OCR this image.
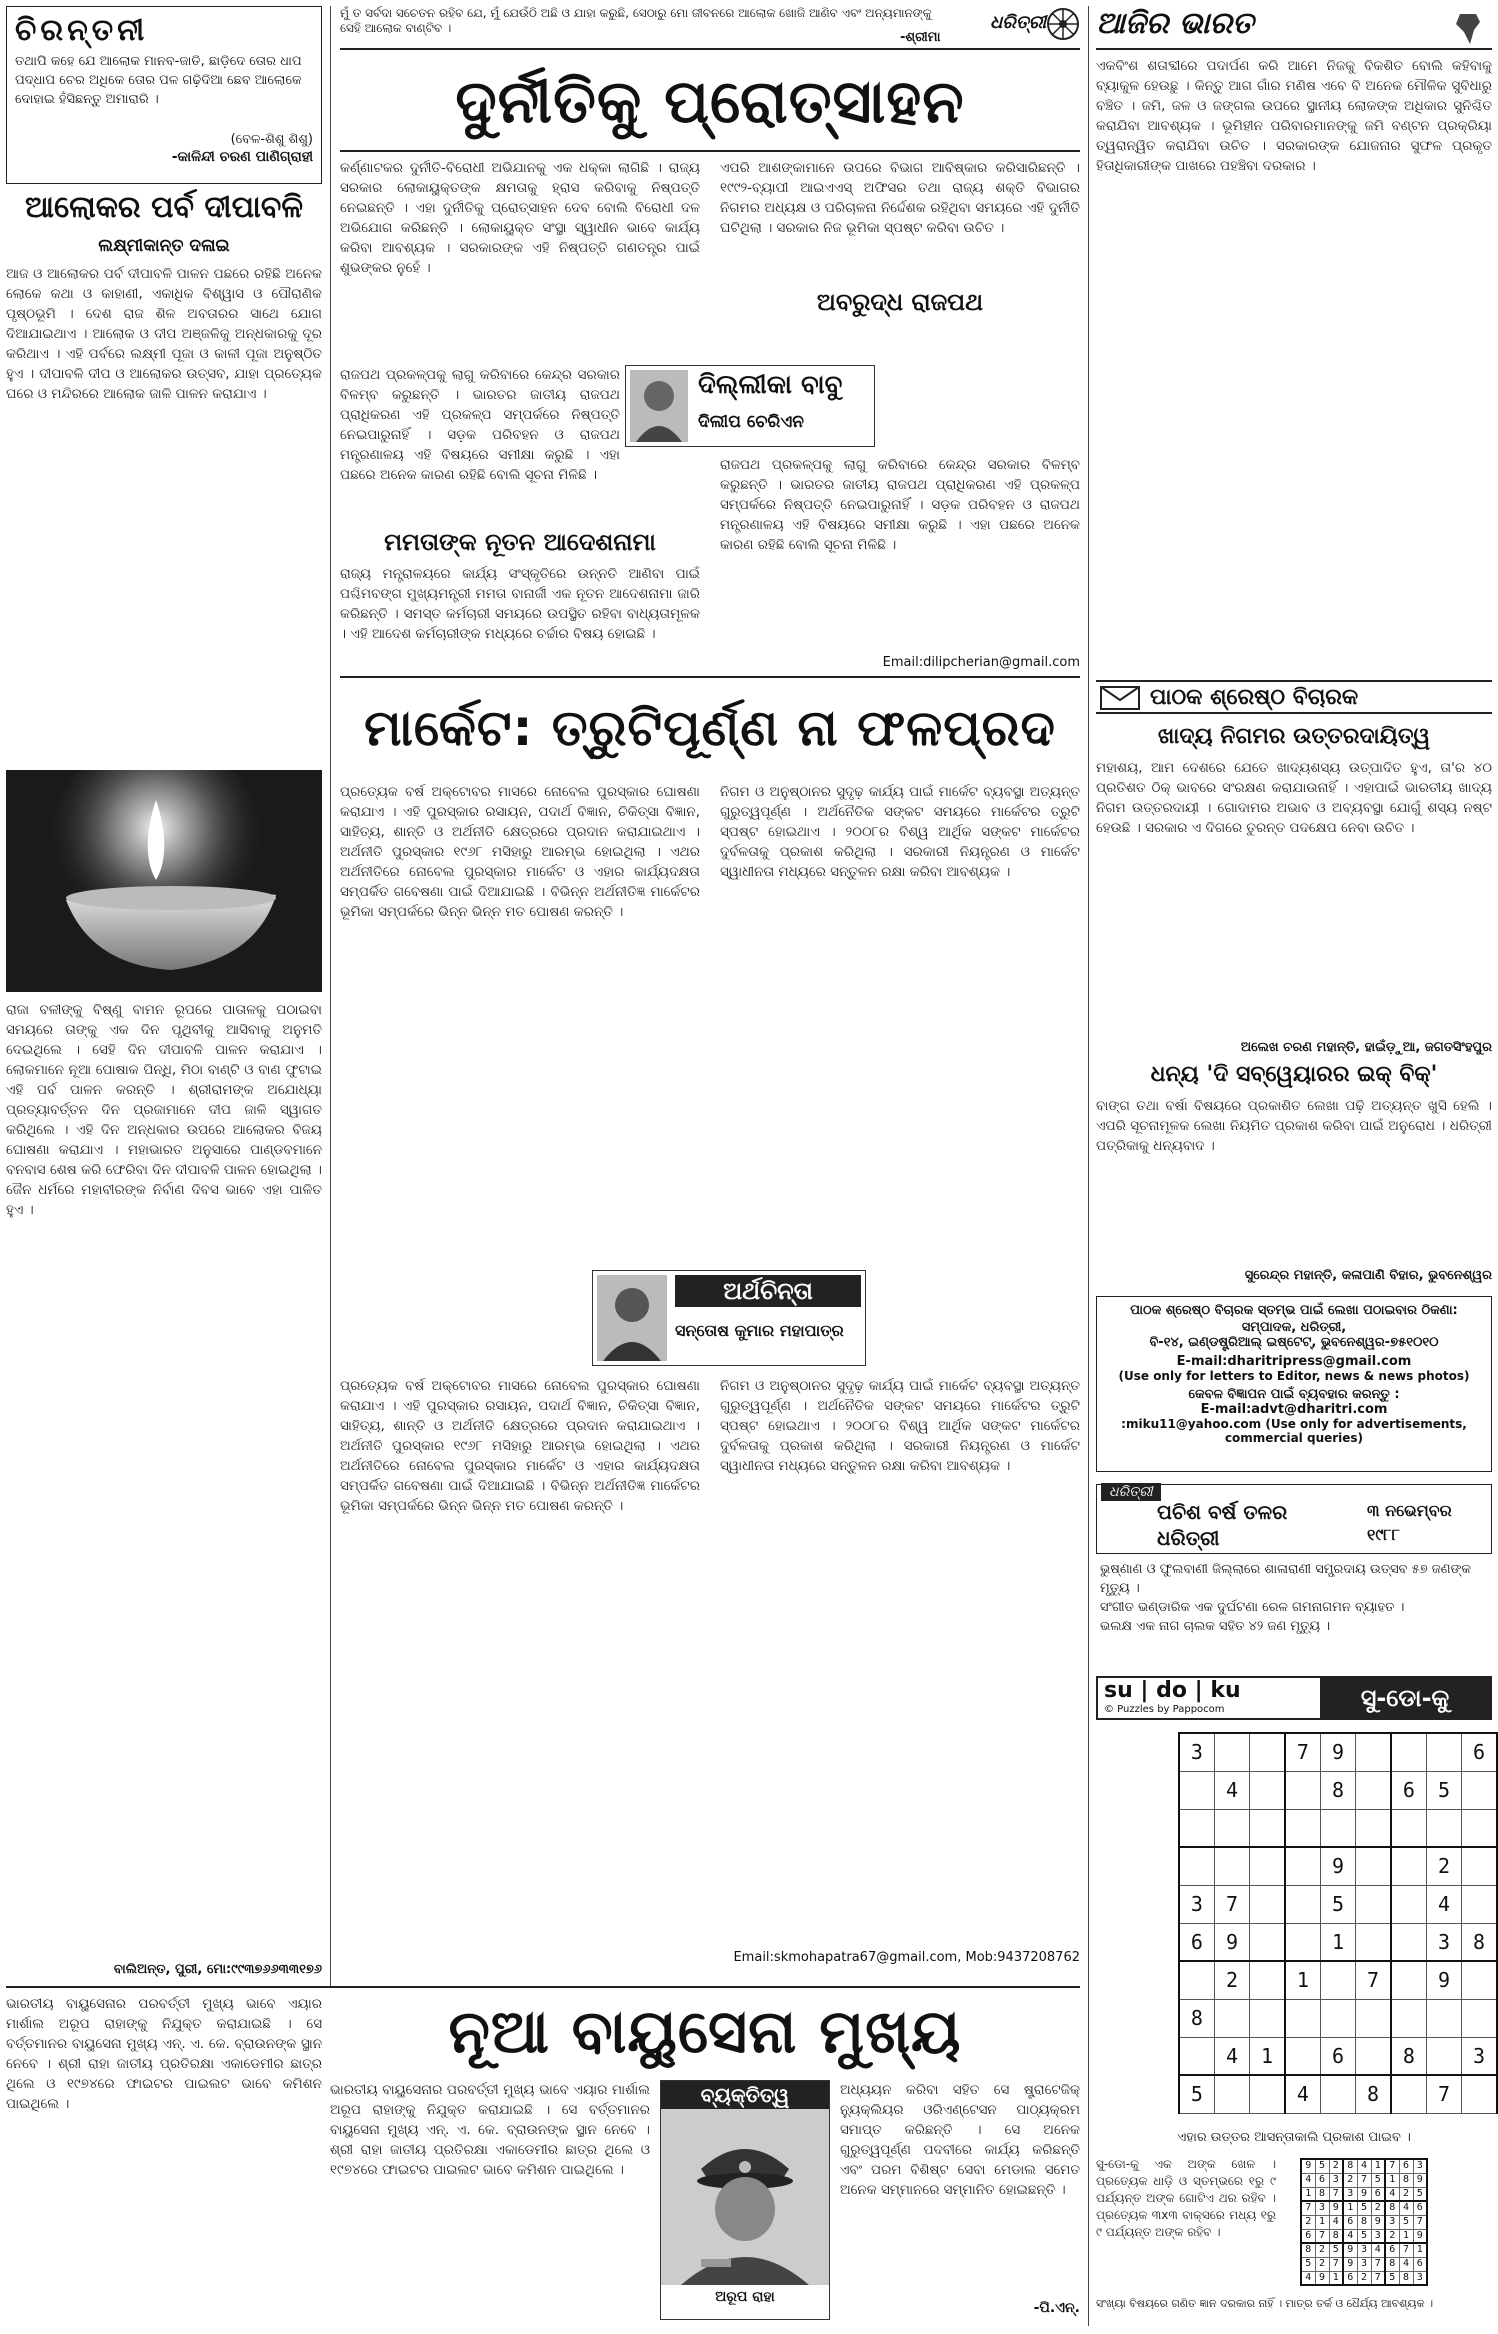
ଚିରନ୍ତନୀ
ତଥାପି କହେ ଯେ ଆଲୋକ ମାନବ-ଜାତି, ଛାଡ଼ିଦେ ତୋର ଧାପ ପଦ୍ଧାପ ଚେର ଅଧିକେ ତୋର ପଳ ଗଢ଼ିଦିଆ ଛେବ ଆଲୋକେ ଦୋହାଇ ହଁସିଛନ୍ତୁ ଅମାରାରି ।
(ବେଳ-ଶିଶୁ ଶିଶୁ)
-କାଳିନ୍ଦୀ ଚରଣ ପାଣିଗ୍ରାହୀ
ଆଲୋକର ପର୍ବ ଦୀପାବଳି
ଲକ୍ଷ୍ମୀକାନ୍ତ ଦଳାଇ
ଆଜ ଓ ଆଲୋକର ପର୍ବ ଦୀପାବଳି ପାଳନ ପଛରେ ରହିଛି ଅନେକ ଲୋକେ କଥା ଓ କାହାଣୀ, ଏକାଧିକ ବିଶ୍ୱାସ ଓ ପୌରାଣିକ ପୃଷ୍ଠଭୂମି । ଦେଶ ରାଜ ଶିଳ ଅବତାରର ସାଥେ ଯୋଗ ଦିଆଯାଇଥାଏ । ଆଲୋକ ଓ ଦୀପ ଅଞ୍ଜଳିକୁ ଅନ୍ଧକାରକୁ ଦୂର କରିଥାଏ । ଏହି ପର୍ବରେ ଲକ୍ଷ୍ମୀ ପୂଜା ଓ କାଳୀ ପୂଜା ଅନୁଷ୍ଠିତ ହୁଏ । ଦୀପାବଳି ଦୀପ ଓ ଆଲୋକର ଉତ୍ସବ, ଯାହା ପ୍ରତ୍ୟେକ ଘରେ ଓ ମନ୍ଦିରରେ ଆଲୋକ ଜାଳି ପାଳନ କରାଯାଏ ।
ରାଜା ବଳୀଙ୍କୁ ବିଷ୍ଣୁ ବାମନ ରୂପରେ ପାତାଳକୁ ପଠାଇବା ସମୟରେ ତାଙ୍କୁ ଏକ ଦିନ ପୃଥିବୀକୁ ଆସିବାକୁ ଅନୁମତି ଦେଇଥିଲେ । ସେହି ଦିନ ଦୀପାବଳି ପାଳନ କରାଯାଏ । ଲୋକମାନେ ନୂଆ ପୋଷାକ ପିନ୍ଧି, ମିଠା ବାଣ୍ଟି ଓ ବାଣ ଫୁଟାଇ ଏହି ପର୍ବ ପାଳନ କରନ୍ତି । ଶ୍ରୀରାମଙ୍କ ଅଯୋଧ୍ୟା ପ୍ରତ୍ୟାବର୍ତ୍ତନ ଦିନ ପ୍ରଜାମାନେ ଦୀପ ଜାଳି ସ୍ୱାଗତ କରିଥିଲେ । ଏହି ଦିନ ଅନ୍ଧକାର ଉପରେ ଆଲୋକର ବିଜୟ ଘୋଷଣା କରାଯାଏ । ମହାଭାରତ ଅନୁସାରେ ପାଣ୍ଡବମାନେ ବନବାସ ଶେଷ କରି ଫେରିବା ଦିନ ଦୀପାବଳି ପାଳନ ହୋଇଥିଲା । ଜୈନ ଧର୍ମରେ ମହାବୀରଙ୍କ ନିର୍ବାଣ ଦିବସ ଭାବେ ଏହା ପାଳିତ ହୁଏ ।
ବାଲିଅନ୍ତ, ପୁରୀ, ମୋ:୯୯୩୭୬୬୩୩୧୭୬
ମୁଁ ତ ସର୍ବଦା ସଚେତନ ରହିବ ଯେ, ମୁଁ ଯେଉଁଠି ଅଛି ଓ ଯାହା କରୁଛି, ସେଠାରୁ ମୋ ଜୀବନରେ ଆଲୋକ ଖୋଜି ଆଣିବ ଏବଂ ଅନ୍ୟମାନଙ୍କୁ ସେହି ଆଲୋକ ବାଣ୍ଟିବ ।
-ଶ୍ରୀମା
ଧରିତ୍ରୀ
ଦୁର୍ନୀତିକୁ ପ୍ରୋତ୍ସାହନ
କର୍ଣ୍ଣାଟକର ଦୁର୍ନୀତି-ବିରୋଧୀ ଅଭିଯାନକୁ ଏକ ଧକ୍କା ଲାଗିଛି । ରାଜ୍ୟ ସରକାର ଲୋକାୟୁକ୍ତଙ୍କ କ୍ଷମତାକୁ ହ୍ରାସ କରିବାକୁ ନିଷ୍ପତ୍ତି ନେଇଛନ୍ତି । ଏହା ଦୁର୍ନୀତିକୁ ପ୍ରୋତ୍ସାହନ ଦେବ ବୋଲି ବିରୋଧୀ ଦଳ ଅଭିଯୋଗ କରିଛନ୍ତି । ଲୋକାୟୁକ୍ତ ସଂସ୍ଥା ସ୍ୱାଧୀନ ଭାବେ କାର୍ଯ୍ୟ କରିବା ଆବଶ୍ୟକ । ସରକାରଙ୍କ ଏହି ନିଷ୍ପତ୍ତି ଗଣତନ୍ତ୍ର ପାଇଁ ଶୁଭଙ୍କର ନୁହେଁ ।
ଏପରି ଆଶଙ୍କାମାନେ ଉପରେ ବିଭାଗ ଆବିଷ୍କାର କରିସାରିଛନ୍ତି । ୧୯୯୨-ବ୍ୟାପୀ ଆଇଏଏସ୍ ଅଫିସର ତଥା ରାଜ୍ୟ ଶକ୍ତି ବିଭାଗର ନିଗମର ଅଧ୍ୟକ୍ଷ ଓ ପରିଚାଳନା ନିର୍ଦ୍ଦେଶକ ରହିଥିବା ସମୟରେ ଏହି ଦୁର୍ନୀତି ଘଟିଥିଲା । ସରକାର ନିଜ ଭୂମିକା ସ୍ପଷ୍ଟ କରିବା ଉଚିତ ।
ଅବରୁଦ୍ଧ ରାଜପଥ
ଦିଲ୍ଲୀକା ବାବୁ
ଦିଲୀପ ଚେରିଏନ
ରାଜପଥ ପ୍ରକଳ୍ପକୁ ଲାଗୁ କରିବାରେ କେନ୍ଦ୍ର ସରକାର ବିଳମ୍ବ କରୁଛନ୍ତି । ଭାରତର ଜାତୀୟ ରାଜପଥ ପ୍ରାଧିକରଣ ଏହି ପ୍ରକଳ୍ପ ସମ୍ପର୍କରେ ନିଷ୍ପତ୍ତି ନେଇପାରୁନାହିଁ । ସଡ଼କ ପରିବହନ ଓ ରାଜପଥ ମନ୍ତ୍ରଣାଳୟ ଏହି ବିଷୟରେ ସମୀକ୍ଷା କରୁଛି । ଏହା ପଛରେ ଅନେକ କାରଣ ରହିଛି ବୋଲି ସୂଚନା ମିଳିଛି ।
ମମତାଙ୍କ ନୂତନ ଆଦେଶନାମା
ରାଜ୍ୟ ମନ୍ତ୍ରାଳୟରେ କାର୍ଯ୍ୟ ସଂସ୍କୃତିରେ ଉନ୍ନତି ଆଣିବା ପାଇଁ ପଶ୍ଚିମବଙ୍ଗ ମୁଖ୍ୟମନ୍ତ୍ରୀ ମମତା ବାନାର୍ଜୀ ଏକ ନୂତନ ଆଦେଶନାମା ଜାରି କରିଛନ୍ତି । ସମସ୍ତ କର୍ମଚାରୀ ସମୟରେ ଉପସ୍ଥିତ ରହିବା ବାଧ୍ୟତାମୂଳକ । ଏହି ଆଦେଶ କର୍ମଚାରୀଙ୍କ ମଧ୍ୟରେ ଚର୍ଚ୍ଚାର ବିଷୟ ହୋଇଛି ।
ରାଜପଥ ପ୍ରକଳ୍ପକୁ ଲାଗୁ କରିବାରେ କେନ୍ଦ୍ର ସରକାର ବିଳମ୍ବ କରୁଛନ୍ତି । ଭାରତର ଜାତୀୟ ରାଜପଥ ପ୍ରାଧିକରଣ ଏହି ପ୍ରକଳ୍ପ ସମ୍ପର୍କରେ ନିଷ୍ପତ୍ତି ନେଇପାରୁନାହିଁ । ସଡ଼କ ପରିବହନ ଓ ରାଜପଥ ମନ୍ତ୍ରଣାଳୟ ଏହି ବିଷୟରେ ସମୀକ୍ଷା କରୁଛି । ଏହା ପଛରେ ଅନେକ କାରଣ ରହିଛି ବୋଲି ସୂଚନା ମିଳିଛି ।
Email:dilipcherian@gmail.com
ମାର୍କେଟ: ତ୍ରୁଟିପୂର୍ଣ୍ଣ ନା ଫଳପ୍ରଦ
ପ୍ରତ୍ୟେକ ବର୍ଷ ଅକ୍ଟୋବର ମାସରେ ନୋବେଲ ପୁରସ୍କାର ଘୋଷଣା କରାଯାଏ । ଏହି ପୁରସ୍କାର ରସାୟନ, ପଦାର୍ଥ ବିଜ୍ଞାନ, ଚିକିତ୍ସା ବିଜ୍ଞାନ, ସାହିତ୍ୟ, ଶାନ୍ତି ଓ ଅର୍ଥନୀତି କ୍ଷେତ୍ରରେ ପ୍ରଦାନ କରାଯାଇଥାଏ । ଅର୍ଥନୀତି ପୁରସ୍କାର ୧୯୬୮ ମସିହାରୁ ଆରମ୍ଭ ହୋଇଥିଲା । ଏଥର ଅର୍ଥନୀତିରେ ନୋବେଲ ପୁରସ୍କାର ମାର୍କେଟ ଓ ଏହାର କାର୍ଯ୍ୟଦକ୍ଷତା ସମ୍ପର୍କିତ ଗବେଷଣା ପାଇଁ ଦିଆଯାଇଛି । ବିଭିନ୍ନ ଅର୍ଥନୀତିଜ୍ଞ ମାର୍କେଟର ଭୂମିକା ସମ୍ପର୍କରେ ଭିନ୍ନ ଭିନ୍ନ ମତ ପୋଷଣ କରନ୍ତି ।
ନିଗମ ଓ ଅନୁଷ୍ଠାନର ସୁଦୃଢ଼ କାର୍ଯ୍ୟ ପାଇଁ ମାର୍କେଟ ବ୍ୟବସ୍ଥା ଅତ୍ୟନ୍ତ ଗୁରୁତ୍ୱପୂର୍ଣ୍ଣ । ଅର୍ଥନୈତିକ ସଙ୍କଟ ସମୟରେ ମାର୍କେଟର ତ୍ରୁଟି ସ୍ପଷ୍ଟ ହୋଇଥାଏ । ୨୦୦୮ର ବିଶ୍ୱ ଆର୍ଥିକ ସଙ୍କଟ ମାର୍କେଟର ଦୁର୍ବଳତାକୁ ପ୍ରକାଶ କରିଥିଲା । ସରକାରୀ ନିୟନ୍ତ୍ରଣ ଓ ମାର୍କେଟ ସ୍ୱାଧୀନତା ମଧ୍ୟରେ ସନ୍ତୁଳନ ରକ୍ଷା କରିବା ଆବଶ୍ୟକ ।
ଅର୍ଥଚିନ୍ତା
ସନ୍ତୋଷ କୁମାର ମହାପାତ୍ର
ପ୍ରତ୍ୟେକ ବର୍ଷ ଅକ୍ଟୋବର ମାସରେ ନୋବେଲ ପୁରସ୍କାର ଘୋଷଣା କରାଯାଏ । ଏହି ପୁରସ୍କାର ରସାୟନ, ପଦାର୍ଥ ବିଜ୍ଞାନ, ଚିକିତ୍ସା ବିଜ୍ଞାନ, ସାହିତ୍ୟ, ଶାନ୍ତି ଓ ଅର୍ଥନୀତି କ୍ଷେତ୍ରରେ ପ୍ରଦାନ କରାଯାଇଥାଏ । ଅର୍ଥନୀତି ପୁରସ୍କାର ୧୯୬୮ ମସିହାରୁ ଆରମ୍ଭ ହୋଇଥିଲା । ଏଥର ଅର୍ଥନୀତିରେ ନୋବେଲ ପୁରସ୍କାର ମାର୍କେଟ ଓ ଏହାର କାର୍ଯ୍ୟଦକ୍ଷତା ସମ୍ପର୍କିତ ଗବେଷଣା ପାଇଁ ଦିଆଯାଇଛି । ବିଭିନ୍ନ ଅର୍ଥନୀତିଜ୍ଞ ମାର୍କେଟର ଭୂମିକା ସମ୍ପର୍କରେ ଭିନ୍ନ ଭିନ୍ନ ମତ ପୋଷଣ କରନ୍ତି ।
ନିଗମ ଓ ଅନୁଷ୍ଠାନର ସୁଦୃଢ଼ କାର୍ଯ୍ୟ ପାଇଁ ମାର୍କେଟ ବ୍ୟବସ୍ଥା ଅତ୍ୟନ୍ତ ଗୁରୁତ୍ୱପୂର୍ଣ୍ଣ । ଅର୍ଥନୈତିକ ସଙ୍କଟ ସମୟରେ ମାର୍କେଟର ତ୍ରୁଟି ସ୍ପଷ୍ଟ ହୋଇଥାଏ । ୨୦୦୮ର ବିଶ୍ୱ ଆର୍ଥିକ ସଙ୍କଟ ମାର୍କେଟର ଦୁର୍ବଳତାକୁ ପ୍ରକାଶ କରିଥିଲା । ସରକାରୀ ନିୟନ୍ତ୍ରଣ ଓ ମାର୍କେଟ ସ୍ୱାଧୀନତା ମଧ୍ୟରେ ସନ୍ତୁଳନ ରକ୍ଷା କରିବା ଆବଶ୍ୟକ ।
Email:skmohapatra67@gmail.com, Mob:9437208762
ନୂଆ ବାୟୁସେନା ମୁଖ୍ୟ
ଭାରତୀୟ ବାୟୁସେନାର ପରବର୍ତ୍ତୀ ମୁଖ୍ୟ ଭାବେ ଏୟାର ମାର୍ଶାଲ ଅରୂପ ରାହାଙ୍କୁ ନିଯୁକ୍ତ କରାଯାଇଛି । ସେ ବର୍ତ୍ତମାନର ବାୟୁସେନା ମୁଖ୍ୟ ଏନ୍. ଏ. କେ. ବ୍ରାଉନଙ୍କ ସ୍ଥାନ ନେବେ । ଶ୍ରୀ ରାହା ଜାତୀୟ ପ୍ରତିରକ୍ଷା ଏକାଡେମୀର ଛାତ୍ର ଥିଲେ ଓ ୧୯୭୪ରେ ଫାଇଟର ପାଇଲଟ ଭାବେ କମିଶନ ପାଇଥିଲେ ।
ଭାରତୀୟ ବାୟୁସେନାର ପରବର୍ତ୍ତୀ ମୁଖ୍ୟ ଭାବେ ଏୟାର ମାର୍ଶାଲ ଅରୂପ ରାହାଙ୍କୁ ନିଯୁକ୍ତ କରାଯାଇଛି । ସେ ବର୍ତ୍ତମାନର ବାୟୁସେନା ମୁଖ୍ୟ ଏନ୍. ଏ. କେ. ବ୍ରାଉନଙ୍କ ସ୍ଥାନ ନେବେ । ଶ୍ରୀ ରାହା ଜାତୀୟ ପ୍ରତିରକ୍ଷା ଏକାଡେମୀର ଛାତ୍ର ଥିଲେ ଓ ୧୯୭୪ରେ ଫାଇଟର ପାଇଲଟ ଭାବେ କମିଶନ ପାଇଥିଲେ ।
ବ୍ୟକ୍ତିତ୍ୱ
ଅରୂପ ରାହା
ଅଧ୍ୟୟନ କରିବା ସହିତ ସେ ଷ୍ଟ୍ରାଟେଜିକ୍ ନ୍ୟୁକ୍ଲିୟର ଓରିଏଣ୍ଟେସନ ପାଠ୍ୟକ୍ରମ ସମାପ୍ତ କରିଛନ୍ତି । ସେ ଅନେକ ଗୁରୁତ୍ୱପୂର୍ଣ୍ଣ ପଦବୀରେ କାର୍ଯ୍ୟ କରିଛନ୍ତି ଏବଂ ପରମ ବିଶିଷ୍ଟ ସେବା ମେଡାଲ ସମେତ ଅନେକ ସମ୍ମାନରେ ସମ୍ମାନିତ ହୋଇଛନ୍ତି ।
-ପି.ଏନ୍.
ଆଜିର ଭାରତ
ଏକବିଂଶ ଶତାବ୍ଦୀରେ ପଦାର୍ପଣ କରି ଆମେ ନିଜକୁ ବିକଶିତ ବୋଲି କହିବାକୁ ବ୍ୟାକୁଳ ହେଉଛୁ । କିନ୍ତୁ ଆଗ ଗାଁର ମଣିଷ ଏବେ ବି ଅନେକ ମୌଳିକ ସୁବିଧାରୁ ବଞ୍ଚିତ । ଜମି, ଜଳ ଓ ଜଙ୍ଗଲ ଉପରେ ସ୍ଥାନୀୟ ଲୋକଙ୍କ ଅଧିକାର ସୁନିଶ୍ଚିତ କରାଯିବା ଆବଶ୍ୟକ । ଭୂମିହୀନ ପରିବାରମାନଙ୍କୁ ଜମି ବଣ୍ଟନ ପ୍ରକ୍ରିୟା ତ୍ୱରାନ୍ୱିତ କରାଯିବା ଉଚିତ । ସରକାରଙ୍କ ଯୋଜନାର ସୁଫଳ ପ୍ରକୃତ ହିତାଧିକାରୀଙ୍କ ପାଖରେ ପହଞ୍ଚିବା ଦରକାର ।
ପାଠକ ଶ୍ରେଷ୍ଠ ବିଚାରକ
ଖାଦ୍ୟ ନିଗମର ଉତ୍ତରଦାୟିତ୍ୱ
ମହାଶୟ, ଆମ ଦେଶରେ ଯେତେ ଖାଦ୍ୟଶସ୍ୟ ଉତ୍ପାଦିତ ହୁଏ, ତା'ର ୪୦ ପ୍ରତିଶତ ଠିକ୍ ଭାବରେ ସଂରକ୍ଷଣ କରାଯାଉନାହିଁ । ଏହାପାଇଁ ଭାରତୀୟ ଖାଦ୍ୟ ନିଗମ ଉତ୍ତରଦାୟୀ । ଗୋଦାମର ଅଭାବ ଓ ଅବ୍ୟବସ୍ଥା ଯୋଗୁଁ ଶସ୍ୟ ନଷ୍ଟ ହେଉଛି । ସରକାର ଏ ଦିଗରେ ତୁରନ୍ତ ପଦକ୍ଷେପ ନେବା ଉଚିତ ।
ଅଲେଖ ଚରଣ ମହାନ୍ତି, ହାଇଁଡ଼ୁଆ, ଜଗତସିଂହପୁର
ଧନ୍ୟ 'ଦି ସବ୍ୱେୟାରର ଇକ୍ ବିକ୍'
ବାଙ୍ଗ ତଥା ବର୍ଷା ବିଷୟରେ ପ୍ରକାଶିତ ଲେଖା ପଢ଼ି ଅତ୍ୟନ୍ତ ଖୁସି ହେଲି । ଏପରି ସୂଚନାମୂଳକ ଲେଖା ନିୟମିତ ପ୍ରକାଶ କରିବା ପାଇଁ ଅନୁରୋଧ । ଧରିତ୍ରୀ ପତ୍ରିକାକୁ ଧନ୍ୟବାଦ ।
ସୁରେନ୍ଦ୍ର ମହାନ୍ତି, କଳାପାଣି ବିହାର, ଭୁବନେଶ୍ୱର
ପାଠକ ଶ୍ରେଷ୍ଠ ବିଚାରକ ସ୍ତମ୍ଭ ପାଇଁ ଲେଖା ପଠାଇବାର ଠିକଣା:
ସମ୍ପାଦକ, ଧରିତ୍ରୀ,
ବି-୧୪, ଇଣ୍ଡଷ୍ଟ୍ରିଆଲ୍ ଇଷ୍ଟେଟ୍, ଭୁବନେଶ୍ୱର-୭୫୧୦୧୦
E-mail:dharitripress@gmail.com
(Use only for letters to Editor, news & news photos)
କେବଳ ବିଜ୍ଞାପନ ପାଇଁ ବ୍ୟବହାର କରନ୍ତୁ :
E-mail:advt@dharitri.com
:miku11@yahoo.com (Use only for advertisements, commercial queries)
ଧରିତ୍ରୀ
ପଚିଶ ବର୍ଷ ତଳର ଧରିତ୍ରୀ
୩ ନଭେମ୍ବର ୧୯୮୮
ଭୁଷ୍ଣାଣ ଓ ଫୁଲବାଣୀ ଜିଲ୍ଲାରେ ଶାଳାରାଣୀ ସମ୍ପ୍ରଦାୟ ଉତ୍ସବ ୫୭ ଜଣଙ୍କ ମୃତ୍ୟୁ ।
ସଂଗୀତ ଭଣ୍ଡାରିକ ଏକ ଦୁର୍ଘଟଣା ରେଳ ଗମନାଗମନ ବ୍ୟାହତ ।
ଭଲକ୍ଷ ଏକ ନାଗ ଚାଲକ ସହିତ ୪୨ ଜଣ ମୃତ୍ୟୁ ।
su | do | ku
© Puzzles by Pappocom	ସୁ-ଡୋ-କୁ
3			7	9				6
	4			8		6	5	

				9			2	
3	7			5			4	
6	9			1			3	8
	2		1		7		9	
8								
	4	1		6		8		3
5			4		8		7	
ଏହାର ଉତ୍ତର ଆସନ୍ତାକାଲି ପ୍ରକାଶ ପାଇବ ।
ସୁ-ଡୋ-କୁ ଏକ ଅଙ୍କ ଖେଳ । ପ୍ରତ୍ୟେକ ଧାଡ଼ି ଓ ସ୍ତମ୍ଭରେ ୧ରୁ ୯ ପର୍ଯ୍ୟନ୍ତ ଅଙ୍କ ଗୋଟିଏ ଥର ରହିବ । ପ୍ରତ୍ୟେକ ୩x୩ ବାକ୍ସରେ ମଧ୍ୟ ୧ରୁ ୯ ପର୍ଯ୍ୟନ୍ତ ଅଙ୍କ ରହିବ ।
9	5	2	8	4	1	7	6	3
4	6	3	2	7	5	1	8	9
1	8	7	3	9	6	4	2	5
7	3	9	1	5	2	8	4	6
2	1	4	6	8	9	3	5	7
6	7	8	4	5	3	2	1	9
8	2	5	9	3	4	6	7	1
5	2	7	9	3	7	8	4	6
4	9	1	6	2	7	5	8	3
ସଂଖ୍ୟା ବିଷୟରେ ଗଣିତ ଜ୍ଞାନ ଦରକାର ନାହିଁ । ମାତ୍ର ତର୍କ ଓ ଧୈର୍ଯ୍ୟ ଆବଶ୍ୟକ ।
